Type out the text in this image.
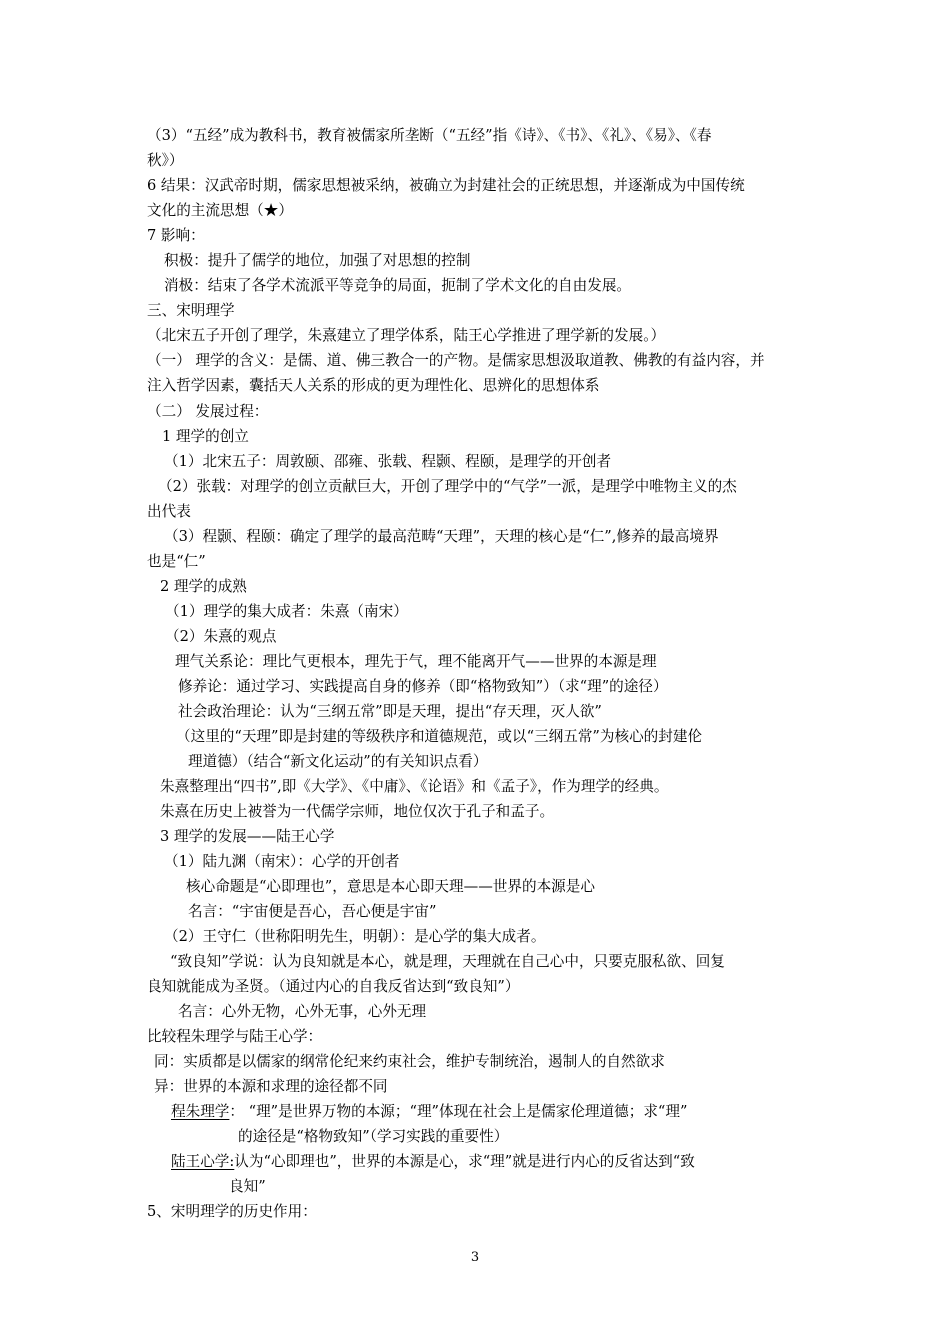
（3）“五经”成为教科书，教育被儒家所垄断（“五经”指《诗》、《书》、《礼》、《易》、《春
秋》）
6 结果：汉武帝时期，儒家思想被采纳，被确立为封建社会的正统思想，并逐渐成为中国传统
文化的主流思想（★）
7 影响：
积极：提升了儒学的地位，加强了对思想的控制
消极：结束了各学术流派平等竞争的局面，扼制了学术文化的自由发展。
三、宋明理学
（北宋五子开创了理学，朱熹建立了理学体系，陆王心学推进了理学新的发展。）
（一） 理学的含义：是儒、道、佛三教合一的产物。是儒家思想汲取道教、佛教的有益内容，并
注入哲学因素，囊括天人关系的形成的更为理性化、思辨化的思想体系
（二） 发展过程：
1 理学的创立
（1）北宋五子：周敦颐、邵雍、张载、程颢、程颐，是理学的开创者
（2）张载：对理学的创立贡献巨大，开创了理学中的“气学”一派，是理学中唯物主义的杰
出代表
（3）程颢、程颐：确定了理学的最高范畴“天理”，天理的核心是“仁”,修养的最高境界
也是“仁”
2 理学的成熟
（1）理学的集大成者：朱熹（南宋）
（2）朱熹的观点
理气关系论：理比气更根本，理先于气，理不能离开气——世界的本源是理
修养论：通过学习、实践提高自身的修养（即“格物致知”）（求“理”的途径）
社会政治理论：认为“三纲五常”即是天理，提出“存天理，灭人欲”
（这里的“天理”即是封建的等级秩序和道德规范，或以“三纲五常”为核心的封建伦
理道德）（结合“新文化运动”的有关知识点看）
朱熹整理出“四书”,即《大学》、《中庸》、《论语》和《孟子》，作为理学的经典。
朱熹在历史上被誉为一代儒学宗师，地位仅次于孔子和孟子。
3 理学的发展——陆王心学
（1）陆九渊（南宋）：心学的开创者
核心命题是“心即理也”，意思是本心即天理——世界的本源是心
名言：“宇宙便是吾心，吾心便是宇宙”
（2）王守仁（世称阳明先生，明朝）：是心学的集大成者。
“致良知”学说：认为良知就是本心，就是理，天理就在自己心中，只要克服私欲、回复
良知就能成为圣贤。（通过内心的自我反省达到“致良知”）
名言：心外无物，心外无事，心外无理
比较程朱理学与陆王心学：
同：实质都是以儒家的纲常伦纪来约束社会，维护专制统治，遏制人的自然欲求
异：世界的本源和求理的途径都不同
程朱理学： “理”是世界万物的本源；“理”体现在社会上是儒家伦理道德；求“理”
的途径是“格物致知”（学习实践的重要性）
陆王心学:认为“心即理也”，世界的本源是心，求“理”就是进行内心的反省达到“致
良知”
5、宋明理学的历史作用：
3
